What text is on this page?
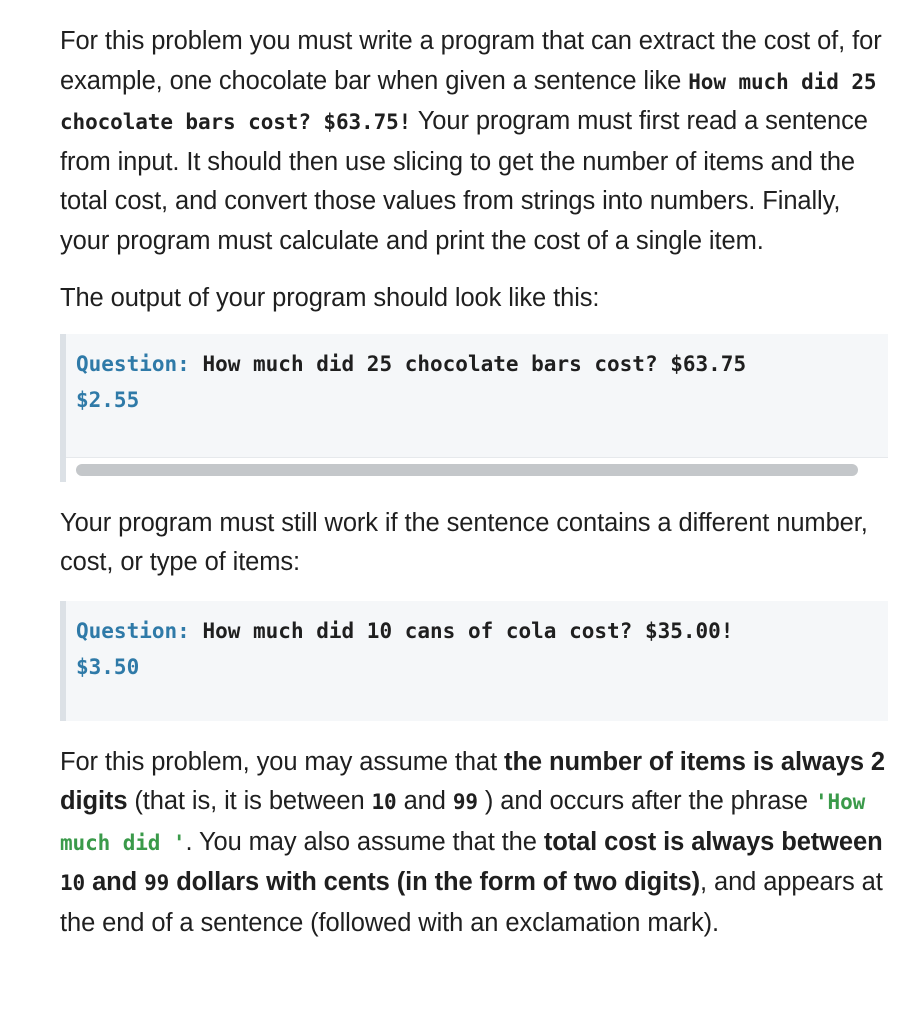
For this problem you must write a program that can extract the cost of, for example, one chocolate bar when given a sentence like How much did 25 chocolate bars cost? $63.75! Your program must first read a sentence from input. It should then use slicing to get the number of items and the total cost, and convert those values from strings into numbers. Finally, your program must calculate and print the cost of a single item.

The output of your program should look like this:

Question: How much did 25 chocolate bars cost? $63.75
$2.55

Your program must still work if the sentence contains a different number, cost, or type of items:

Question: How much did 10 cans of cola cost? $35.00!
$3.50

For this problem, you may assume that the number of items is always 2 digits (that is, it is between 10 and 99 ) and occurs after the phrase 'How much did '. You may also assume that the total cost is always between 10 and 99 dollars with cents (in the form of two digits), and appears at the end of a sentence (followed with an exclamation mark).
